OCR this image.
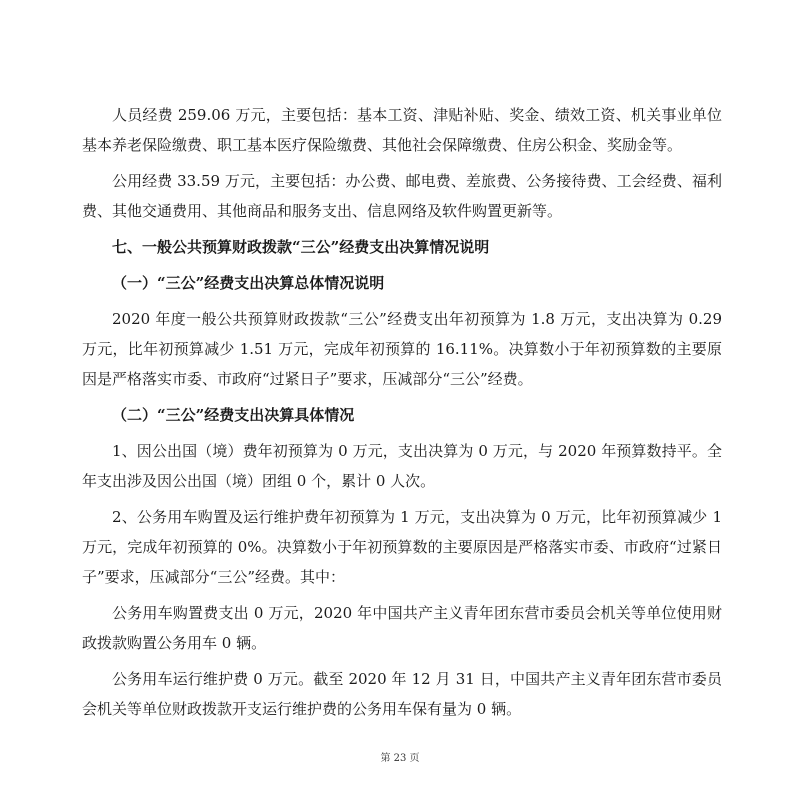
人员经费 259.06 万元，主要包括：基本工资、津贴补贴、奖金、绩效工资、机关事业单位基本养老保险缴费、职工基本医疗保险缴费、其他社会保障缴费、住房公积金、奖励金等。

公用经费 33.59 万元，主要包括：办公费、邮电费、差旅费、公务接待费、工会经费、福利费、其他交通费用、其他商品和服务支出、信息网络及软件购置更新等。

七、一般公共预算财政拨款“三公”经费支出决算情况说明

（一）“三公”经费支出决算总体情况说明

2020 年度一般公共预算财政拨款“三公”经费支出年初预算为 1.8 万元，支出决算为 0.29 万元，比年初预算减少 1.51 万元，完成年初预算的 16.11%。决算数小于年初预算数的主要原因是严格落实市委、市政府“过紧日子”要求，压减部分“三公”经费。

（二）“三公”经费支出决算具体情况

1、因公出国（境）费年初预算为 0 万元，支出决算为 0 万元，与 2020 年预算数持平。全年支出涉及因公出国（境）团组 0 个，累计 0 人次。

2、公务用车购置及运行维护费年初预算为 1 万元，支出决算为 0 万元，比年初预算减少 1 万元，完成年初预算的 0%。决算数小于年初预算数的主要原因是严格落实市委、市政府“过紧日子”要求，压减部分“三公”经费。其中：

公务用车购置费支出 0 万元，2020 年中国共产主义青年团东营市委员会机关等单位使用财政拨款购置公务用车 0 辆。

公务用车运行维护费 0 万元。截至 2020 年 12 月 31 日，中国共产主义青年团东营市委员会机关等单位财政拨款开支运行维护费的公务用车保有量为 0 辆。

第 23 页
